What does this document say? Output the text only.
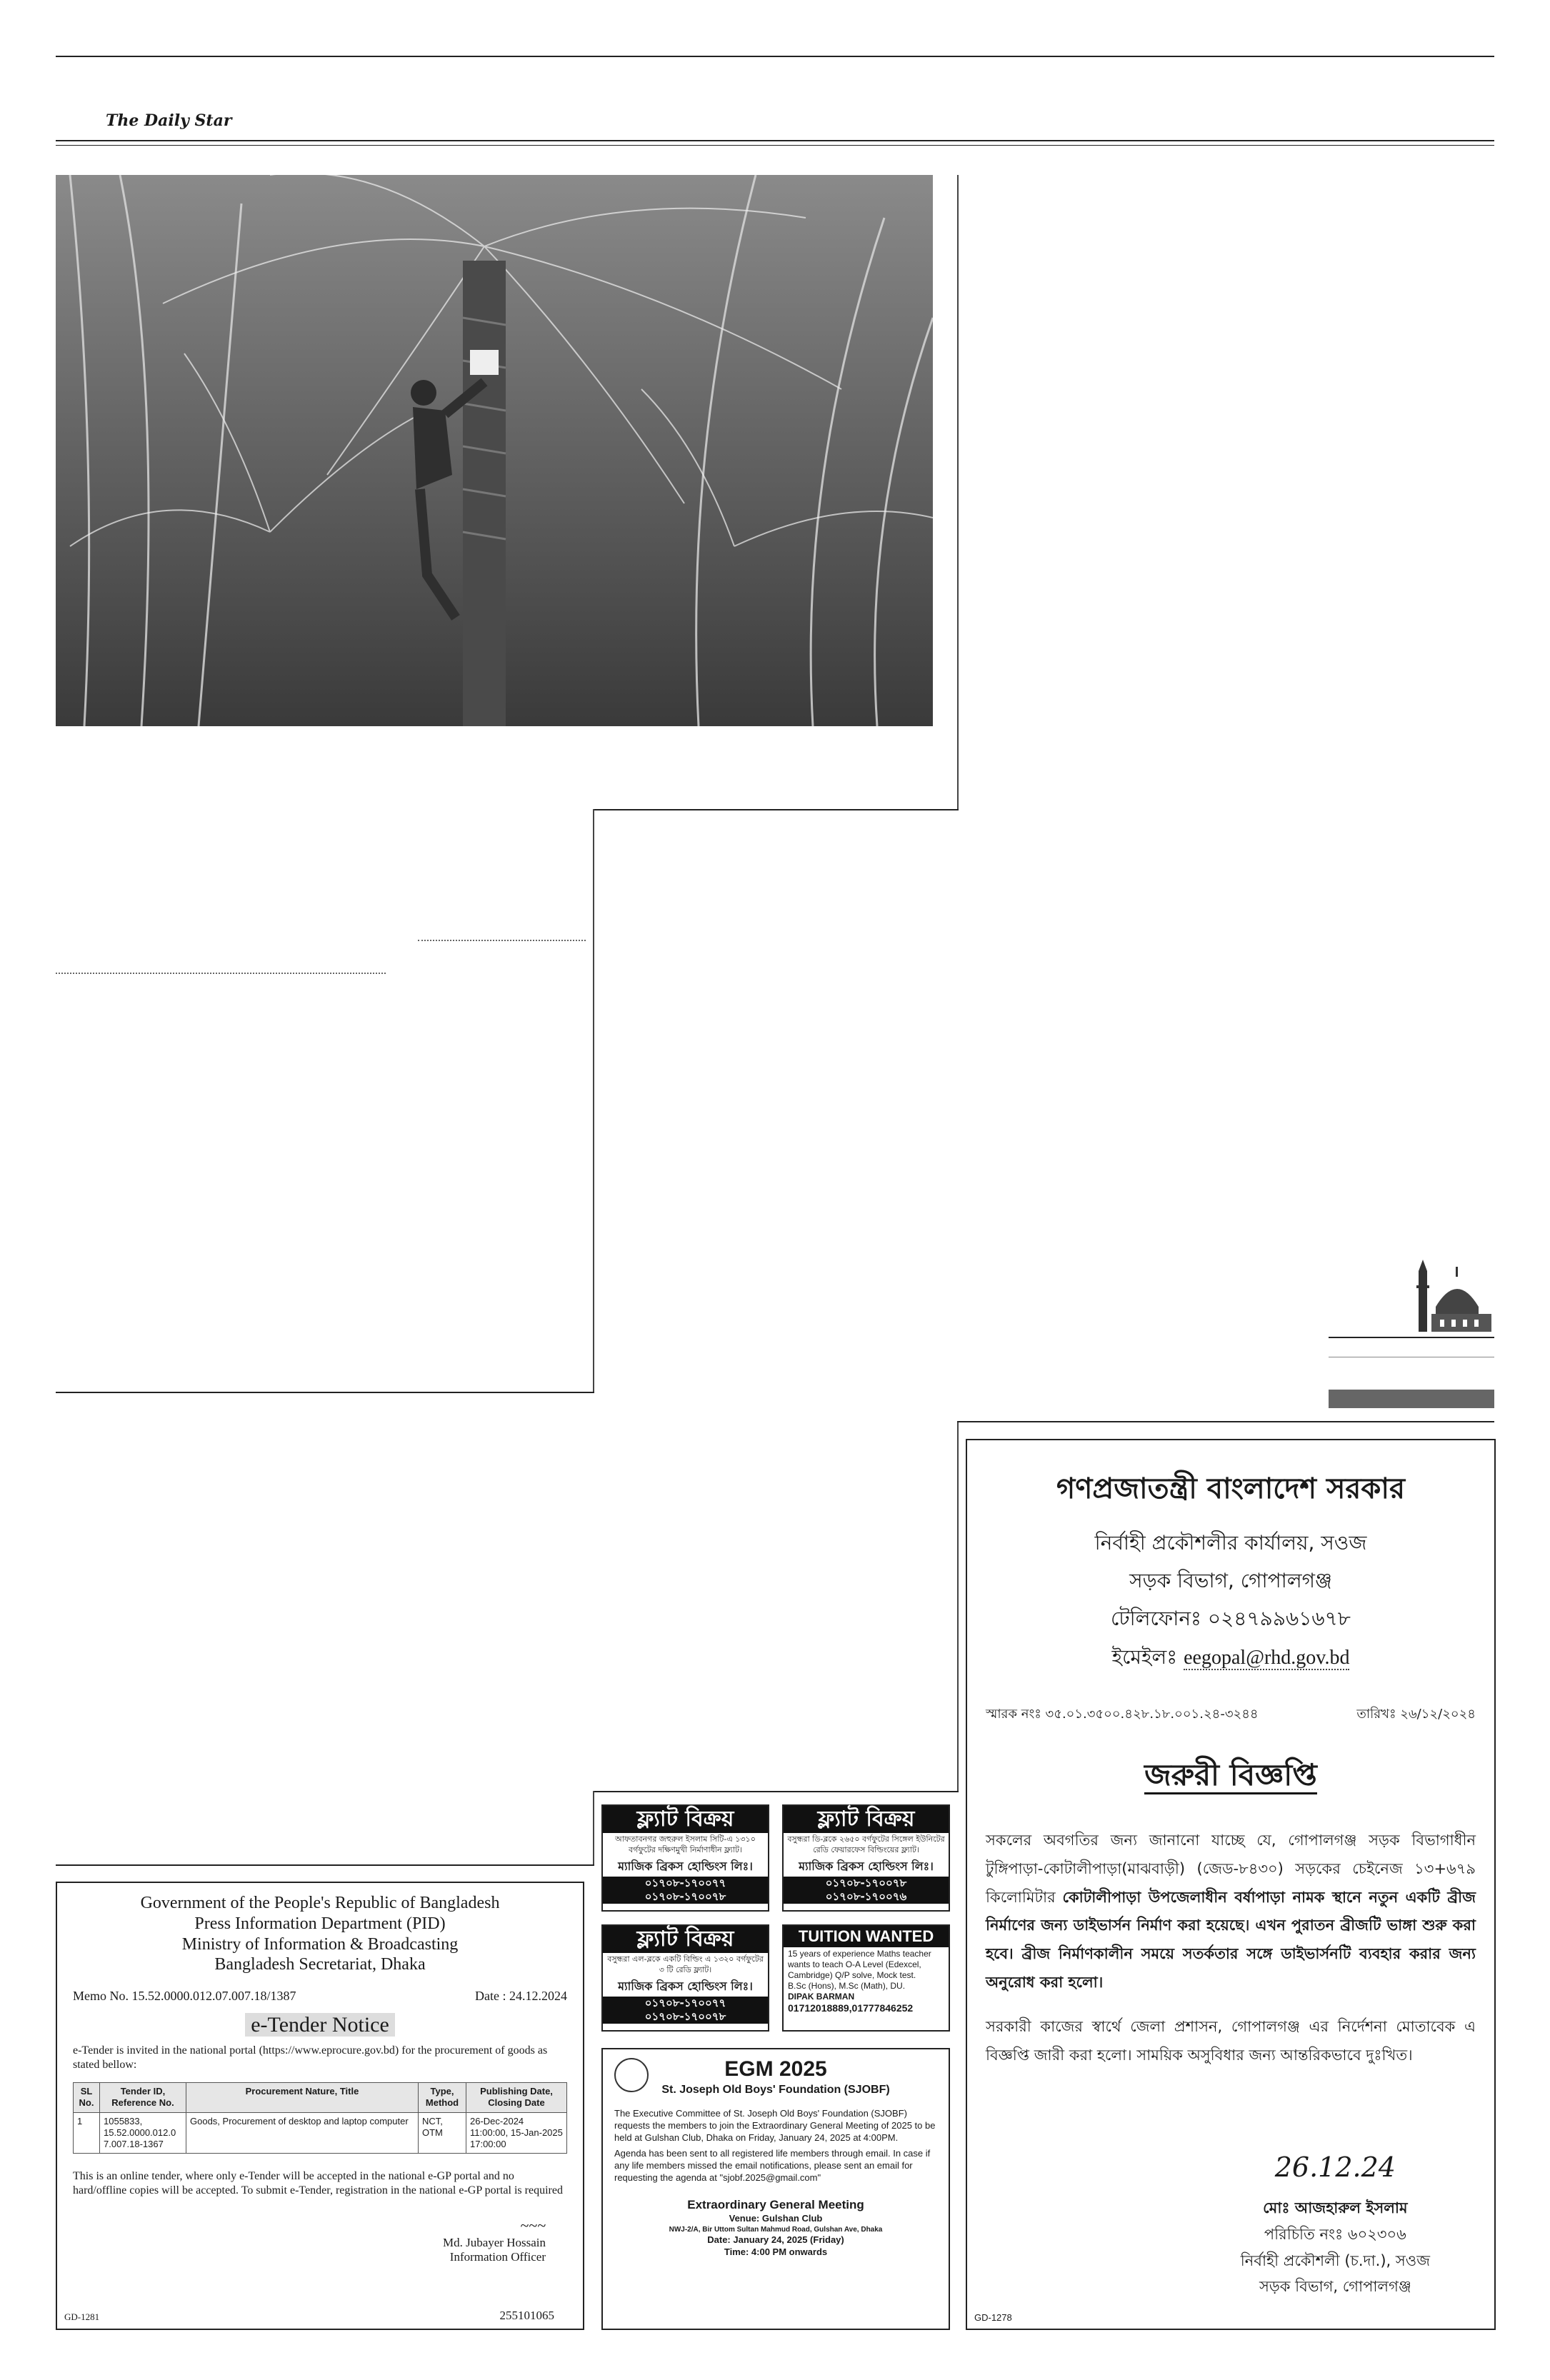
The Daily Star
Government of the People's Republic of Bangladesh
Press Information Department (PID)
Ministry of Information & Broadcasting
Bangladesh Secretariat, Dhaka
Memo No. 15.52.0000.012.07.007.18/1387	Date : 24.12.2024
e-Tender Notice
e-Tender is invited in the national portal (https://www.eprocure.gov.bd) for the procurement of goods as stated bellow:
SL No.	Tender ID, Reference No.	Procurement Nature, Title	Type, Method	Publishing Date, Closing Date
1	1055833, 15.52.0000.012.0 7.007.18-1367	Goods, Procurement of desktop and laptop computer	NCT, OTM	26-Dec-2024 11:00:00, 15-Jan-2025 17:00:00
This is an online tender, where only e-Tender will be accepted in the national e-GP portal and no hard/offline copies will be accepted. To submit e-Tender, registration in the national e-GP portal is required
~~~
Md. Jubayer Hossain
Information Officer
GD-1281	255101065
ফ্ল্যাট বিক্রয়
আফতাবনগর জহুরুল ইসলাম সিটি-এ ১৩১০ বর্গফুটের দক্ষিণমুখী নির্মাণাধীন ফ্ল্যাট।
ম্যাজিক ব্রিকস হোল্ডিংস লিঃ।
০১৭০৮-১৭০০৭৭
০১৭০৮-১৭০০৭৮
ফ্ল্যাট বিক্রয়
বসুন্ধরা ডি-ব্লকে ২৬৫০ বর্গফুটের সিঙ্গেল ইউনিটের রেডি ফেয়ারফেস বিল্ডিংয়ের ফ্ল্যাট।
ম্যাজিক ব্রিকস হোল্ডিংস লিঃ।
০১৭০৮-১৭০০৭৮
০১৭০৮-১৭০০৭৬
ফ্ল্যাট বিক্রয়
বসুন্ধরা এল-ব্লকে একটি বিল্ডিং এ ১৩২০ বর্গফুটের ৩ টি রেডি ফ্ল্যাট।
ম্যাজিক ব্রিকস হোল্ডিংস লিঃ।
০১৭০৮-১৭০০৭৭
০১৭০৮-১৭০০৭৮
TUITION WANTED
15 years of experience Maths teacher wants to teach O-A Level (Edexcel, Cambridge) Q/P solve, Mock test.
B.Sc (Hons), M.Sc (Math), DU.
DIPAK BARMAN
01712018889,01777846252
EGM 2025
St. Joseph Old Boys' Foundation (SJOBF)

The Executive Committee of St. Joseph Old Boys' Foundation (SJOBF) requests the members to join the Extraordinary General Meeting of 2025 to be held at Gulshan Club, Dhaka on Friday, January 24, 2025 at 4:00PM.

Agenda has been sent to all registered life members through email. In case if any life members missed the email notifications, please sent an email for requesting the agenda at "sjobf.2025@gmail.com"

Extraordinary General Meeting
Venue: Gulshan Club
NWJ-2/A, Bir Uttom Sultan Mahmud Road, Gulshan Ave, Dhaka
Date: January 24, 2025 (Friday)
Time: 4:00 PM onwards
গণপ্রজাতন্ত্রী বাংলাদেশ সরকার
নির্বাহী প্রকৌশলীর কার্যালয়, সওজ
সড়ক বিভাগ, গোপালগঞ্জ
টেলিফোনঃ ০২৪৭৯৯৬১৬৭৮
ইমেইলঃ eegopal@rhd.gov.bd
স্মারক নংঃ ৩৫.০১.৩৫০০.৪২৮.১৮.০০১.২৪-৩২৪৪	তারিখঃ ২৬/১২/২০২৪
জরুরী বিজ্ঞপ্তি
সকলের অবগতির জন্য জানানো যাচ্ছে যে, গোপালগঞ্জ সড়ক বিভাগাধীন টুঙ্গিপাড়া-কোটালীপাড়া(মাঝবাড়ী) (জেড-৮৪৩০) সড়কের চেইনেজ ১৩+৬৭৯ কিলোমিটার কোটালীপাড়া উপজেলাধীন বর্ষাপাড়া নামক স্থানে নতুন একটি ব্রীজ নির্মাণের জন্য ডাইভার্সন নির্মাণ করা হয়েছে। এখন পুরাতন ব্রীজটি ভাঙ্গা শুরু করা হবে। ব্রীজ নির্মাণকালীন সময়ে সতর্কতার সঙ্গে ডাইভার্সনটি ব্যবহার করার জন্য অনুরোধ করা হলো।
সরকারী কাজের স্বার্থে জেলা প্রশাসন, গোপালগঞ্জ এর নির্দেশনা মোতাবেক এ বিজ্ঞপ্তি জারী করা হলো। সাময়িক অসুবিধার জন্য আন্তরিকভাবে দুঃখিত।
26.12.24
মোঃ আজহারুল ইসলাম
পরিচিতি নংঃ ৬০২৩০৬
নির্বাহী প্রকৌশলী (চ.দা.), সওজ
সড়ক বিভাগ, গোপালগঞ্জ
GD-1278
